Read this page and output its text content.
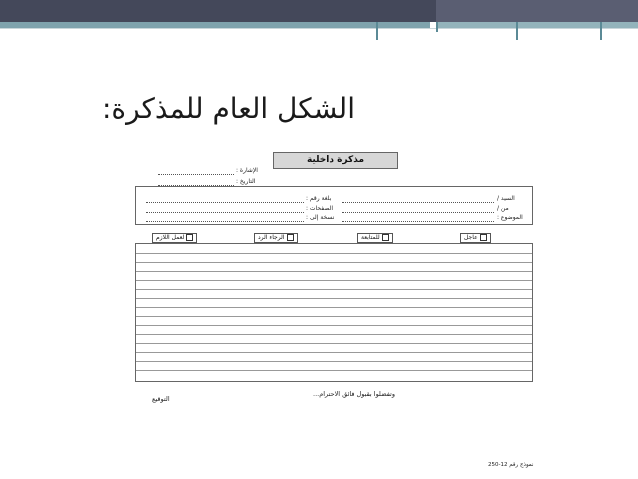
الشكل العام للمذكرة:
مذكرة داخلية
الإشارة :
التاريخ :
السيد /
من /
الموضوع :
بلغة رقم :
الصفحات :
نسخة إلى :
عاجل
للمتابعة
الرجاء الرد
لعمل اللازم
وتفضلوا بقبول فائق الاحترام...
التوقيع
نموذج رقم 12-250
